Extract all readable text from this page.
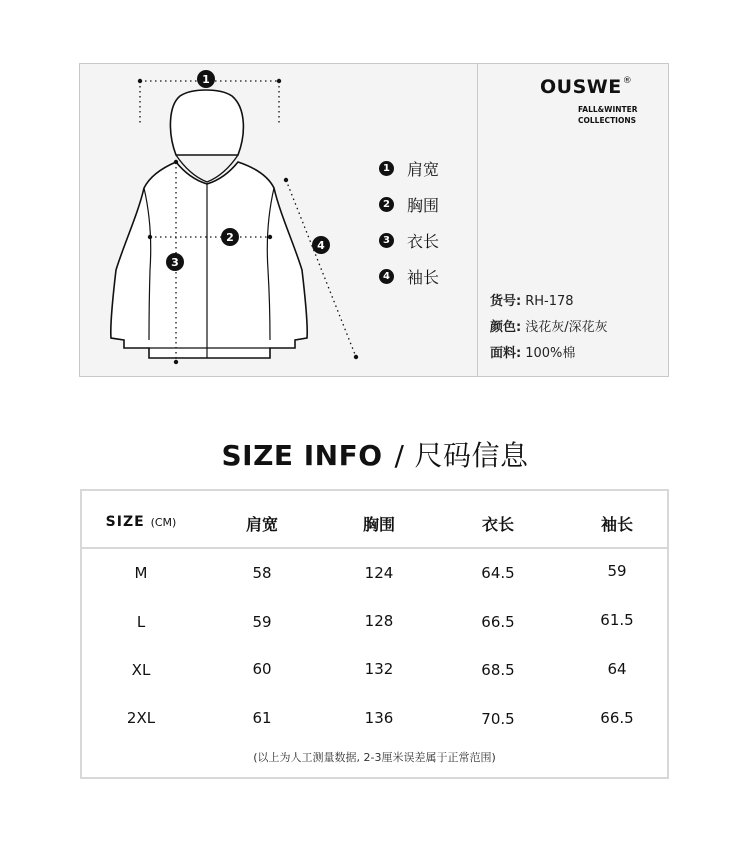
1
2
3
4
1 肩宽
2 胸围
3 衣长
4 袖长
OUSWE®
FALL&WINTER
COLLECTIONS
货号: RH-178
颜色: 浅花灰/深花灰
面料: 100%棉
SIZE INFO / 尺码信息
SIZE (CM)	肩宽	胸围	衣长	袖长
M	58	124	64.5	59
L	59	128	66.5	61.5
XL	60	132	68.5	64
2XL	61	136	70.5	66.5
(以上为人工测量数据, 2-3厘米误差属于正常范围)
